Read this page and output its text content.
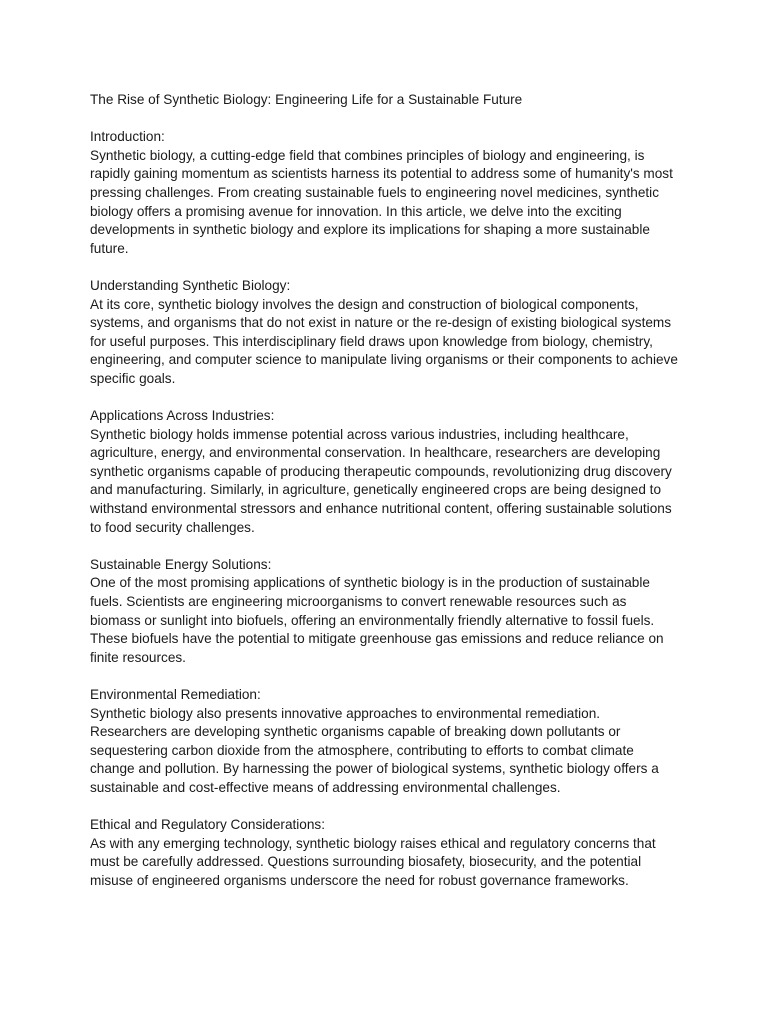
The Rise of Synthetic Biology: Engineering Life for a Sustainable Future

Introduction:
Synthetic biology, a cutting-edge field that combines principles of biology and engineering, is rapidly gaining momentum as scientists harness its potential to address some of humanity's most pressing challenges. From creating sustainable fuels to engineering novel medicines, synthetic biology offers a promising avenue for innovation. In this article, we delve into the exciting developments in synthetic biology and explore its implications for shaping a more sustainable future.
Understanding Synthetic Biology:
At its core, synthetic biology involves the design and construction of biological components, systems, and organisms that do not exist in nature or the re-design of existing biological systems for useful purposes. This interdisciplinary field draws upon knowledge from biology, chemistry, engineering, and computer science to manipulate living organisms or their components to achieve specific goals.
Applications Across Industries:
Synthetic biology holds immense potential across various industries, including healthcare, agriculture, energy, and environmental conservation. In healthcare, researchers are developing synthetic organisms capable of producing therapeutic compounds, revolutionizing drug discovery and manufacturing. Similarly, in agriculture, genetically engineered crops are being designed to withstand environmental stressors and enhance nutritional content, offering sustainable solutions to food security challenges.
Sustainable Energy Solutions:
One of the most promising applications of synthetic biology is in the production of sustainable fuels. Scientists are engineering microorganisms to convert renewable resources such as biomass or sunlight into biofuels, offering an environmentally friendly alternative to fossil fuels. These biofuels have the potential to mitigate greenhouse gas emissions and reduce reliance on finite resources.
Environmental Remediation:
Synthetic biology also presents innovative approaches to environmental remediation. Researchers are developing synthetic organisms capable of breaking down pollutants or sequestering carbon dioxide from the atmosphere, contributing to efforts to combat climate change and pollution. By harnessing the power of biological systems, synthetic biology offers a sustainable and cost-effective means of addressing environmental challenges.
Ethical and Regulatory Considerations:
As with any emerging technology, synthetic biology raises ethical and regulatory concerns that must be carefully addressed. Questions surrounding biosafety, biosecurity, and the potential misuse of engineered organisms underscore the need for robust governance frameworks.
